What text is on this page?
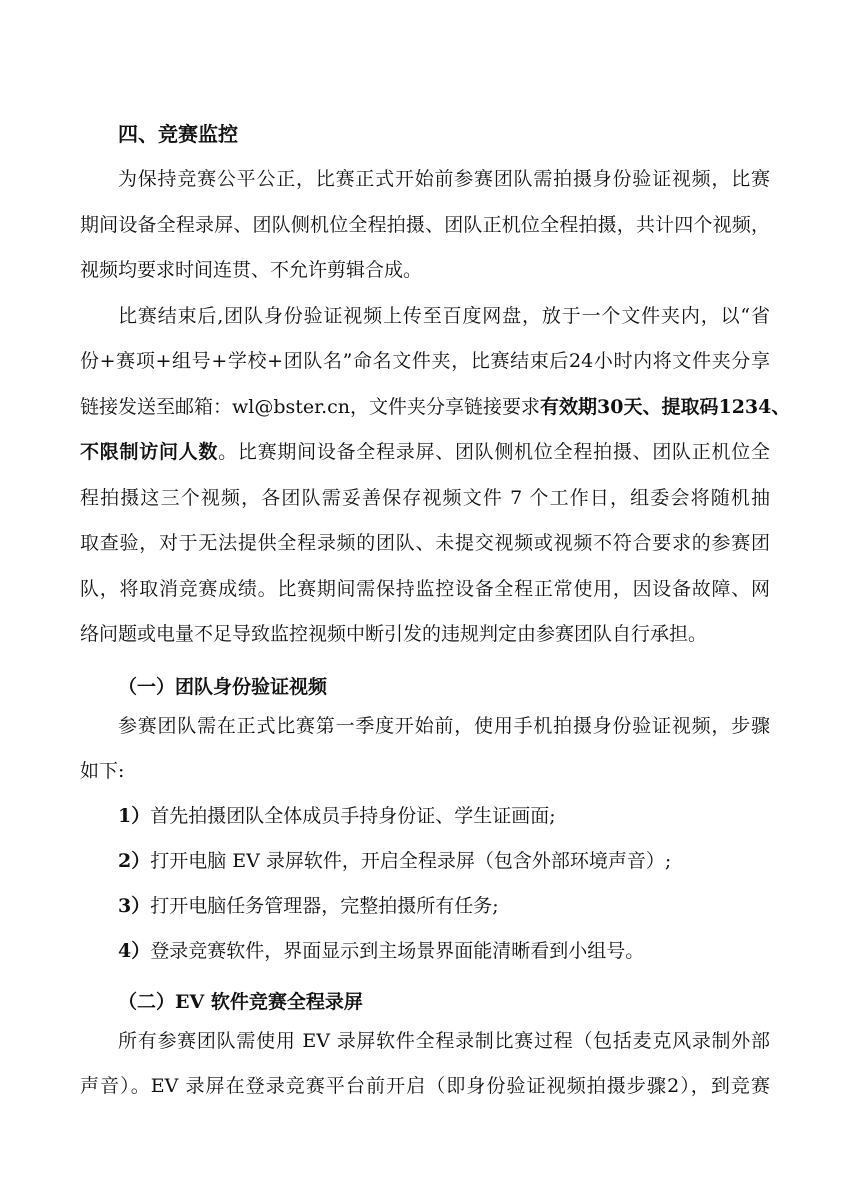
四、竞赛监控
为保持竞赛公平公正，比赛正式开始前参赛团队需拍摄身份验证视频，比赛
期间设备全程录屏、团队侧机位全程拍摄、团队正机位全程拍摄，共计四个视频，
视频均要求时间连贯、不允许剪辑合成。
比赛结束后,团队身份验证视频上传至百度网盘，放于一个文件夹内，以“省
份+赛项+组号+学校+团队名”命名文件夹，比赛结束后24小时内将文件夹分享
链接发送至邮箱：wl@bster.cn，文件夹分享链接要求有效期30天、提取码1234、
不限制访问人数。比赛期间设备全程录屏、团队侧机位全程拍摄、团队正机位全
程拍摄这三个视频，各团队需妥善保存视频文件 7 个工作日，组委会将随机抽
取查验，对于无法提供全程录频的团队、未提交视频或视频不符合要求的参赛团
队，将取消竞赛成绩。比赛期间需保持监控设备全程正常使用，因设备故障、网
络问题或电量不足导致监控视频中断引发的违规判定由参赛团队自行承担。
（一）团队身份验证视频
参赛团队需在正式比赛第一季度开始前，使用手机拍摄身份验证视频，步骤
如下:
1）首先拍摄团队全体成员手持身份证、学生证画面;
2）打开电脑 EV 录屏软件，开启全程录屏（包含外部环境声音）;
3）打开电脑任务管理器，完整拍摄所有任务;
4）登录竞赛软件，界面显示到主场景界面能清晰看到小组号。
（二）EV 软件竞赛全程录屏
所有参赛团队需使用 EV 录屏软件全程录制比赛过程（包括麦克风录制外部
声音）。EV 录屏在登录竞赛平台前开启（即身份验证视频拍摄步骤2），到竞赛
